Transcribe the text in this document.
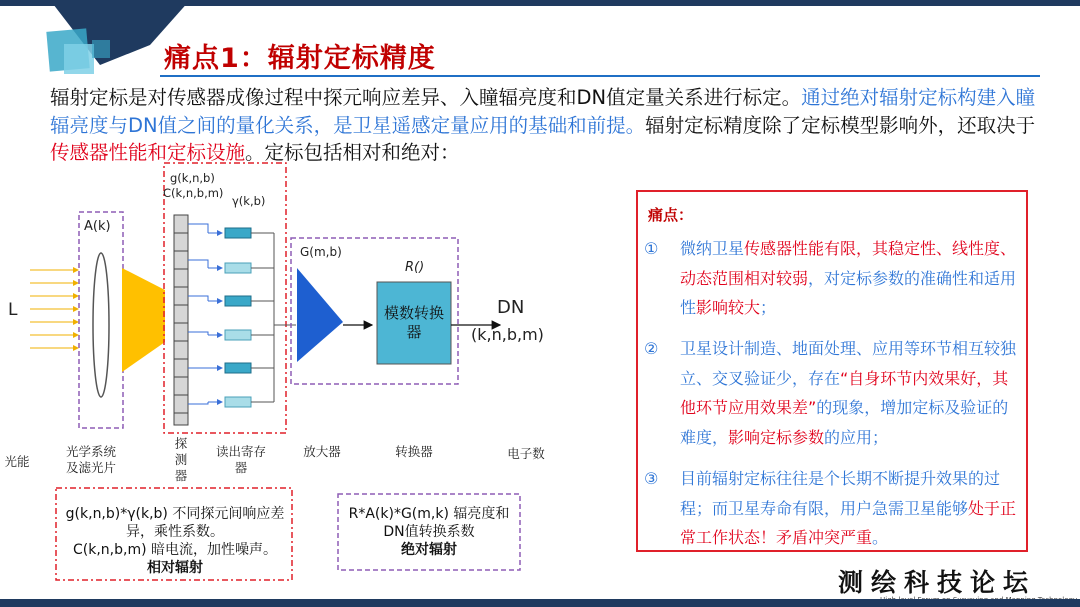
痛点1：辐射定标精度
辐射定标是对传感器成像过程中探元响应差异、入瞳辐亮度和DN值定量关系进行标定。通过绝对辐射定标构建入瞳辐亮度与DN值之间的量化关系，是卫星遥感定量应用的基础和前提。辐射定标精度除了定标模型影响外，还取决于传感器性能和定标设施。定标包括相对和绝对：
L
A(k)
g(k,n,b)
C(k,n,b,m)
γ(k,b)
G(m,b)
R()
模数转换器
DN
(k,n,b,m)
光能
光学系统及滤光片
探测器
读出寄存器
放大器	转换器	电子数
g(k,n,b)*γ(k,b) 不同探元间响应差异，乘性系数。
C(k,n,b,m) 暗电流，加性噪声。
相对辐射
R*A(k)*G(m,k) 辐亮度和DN值转换系数
绝对辐射
痛点：
①	微纳卫星传感器性能有限，其稳定性、线性度、动态范围相对较弱，对定标参数的准确性和适用性影响较大；
②	卫星设计制造、地面处理、应用等环节相互较独立、交叉验证少，存在“自身环节内效果好，其他环节应用效果差”的现象，增加定标及验证的难度，影响定标参数的应用；
③	目前辐射定标往往是个长期不断提升效果的过程；而卫星寿命有限，用户急需卫星能够处于正常工作状态！矛盾冲突严重。
测绘科技论坛
